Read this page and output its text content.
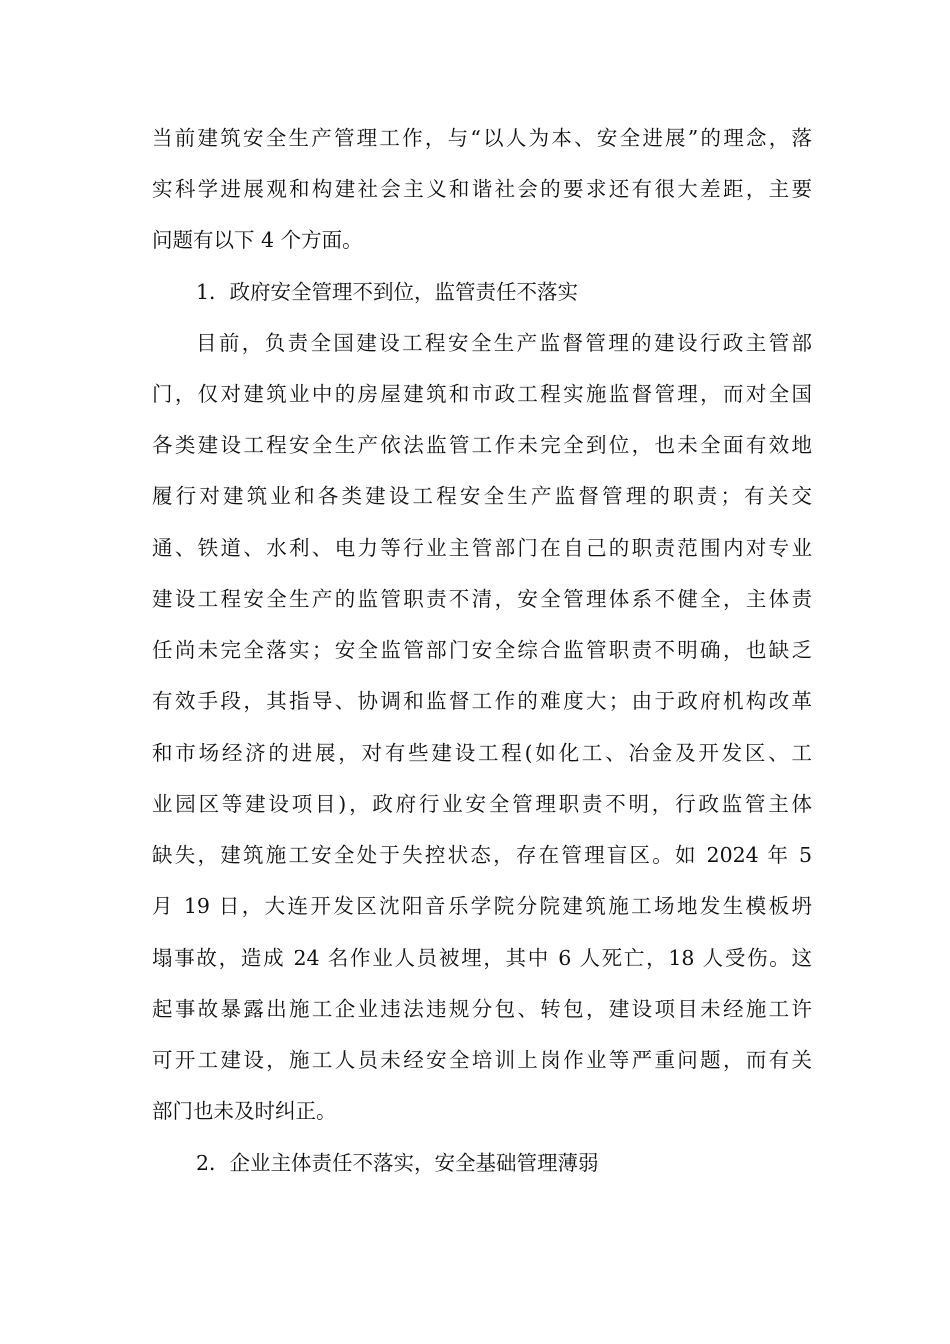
当前建筑安全生产管理工作，与“以人为本、安全进展”的理念，落
实科学进展观和构建社会主义和谐社会的要求还有很大差距，主要
问题有以下 4 个方面。
1．政府安全管理不到位，监管责任不落实
目前，负责全国建设工程安全生产监督管理的建设行政主管部
门，仅对建筑业中的房屋建筑和市政工程实施监督管理，而对全国
各类建设工程安全生产依法监管工作未完全到位，也未全面有效地
履行对建筑业和各类建设工程安全生产监督管理的职责；有关交
通、铁道、水利、电力等行业主管部门在自己的职责范围内对专业
建设工程安全生产的监管职责不清，安全管理体系不健全，主体责
任尚未完全落实；安全监管部门安全综合监管职责不明确，也缺乏
有效手段，其指导、协调和监督工作的难度大；由于政府机构改革
和市场经济的进展，对有些建设工程(如化工、冶金及开发区、工
业园区等建设项目)，政府行业安全管理职责不明，行政监管主体
缺失，建筑施工安全处于失控状态，存在管理盲区。如 2024 年 5
月 19 日，大连开发区沈阳音乐学院分院建筑施工场地发生模板坍
塌事故，造成 24 名作业人员被埋，其中 6 人死亡，18 人受伤。这
起事故暴露出施工企业违法违规分包、转包，建设项目未经施工许
可开工建设，施工人员未经安全培训上岗作业等严重问题，而有关
部门也未及时纠正。
2．企业主体责任不落实，安全基础管理薄弱
